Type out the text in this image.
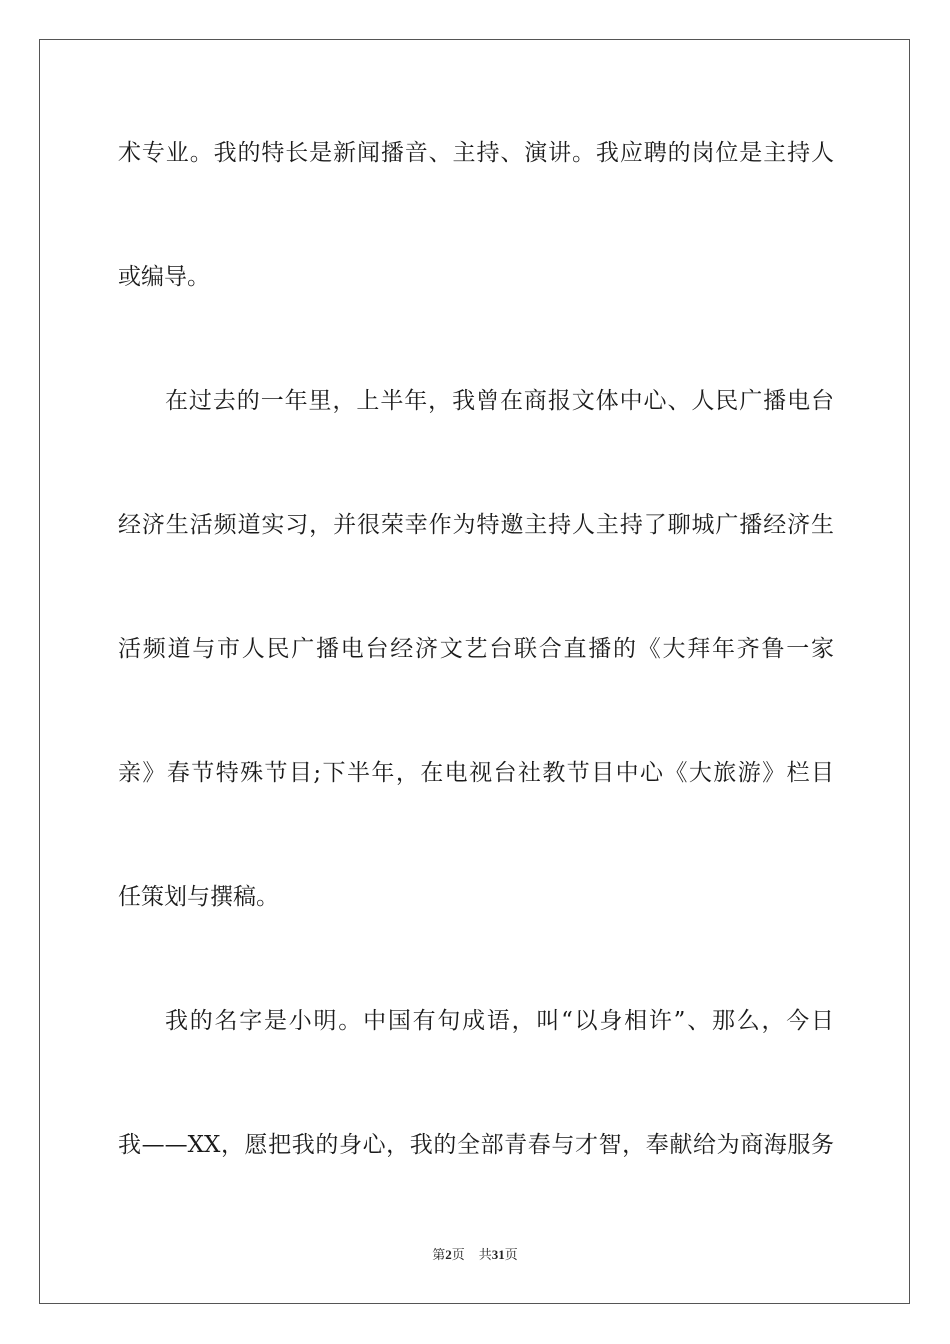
术专业。我的特长是新闻播音、主持、演讲。我应聘的岗位是主持人
或编导。
在过去的一年里，上半年，我曾在商报文体中心、人民广播电台
经济生活频道实习，并很荣幸作为特邀主持人主持了聊城广播经济生
活频道与市人民广播电台经济文艺台联合直播的《大拜年齐鲁一家
亲》春节特殊节目;下半年，在电视台社教节目中心《大旅游》栏目
任策划与撰稿。
我的名字是小明。中国有句成语，叫“以身相许”、那么，今日
我——XX，愿把我的身心，我的全部青春与才智，奉献给为商海服务
第2页 共31页
